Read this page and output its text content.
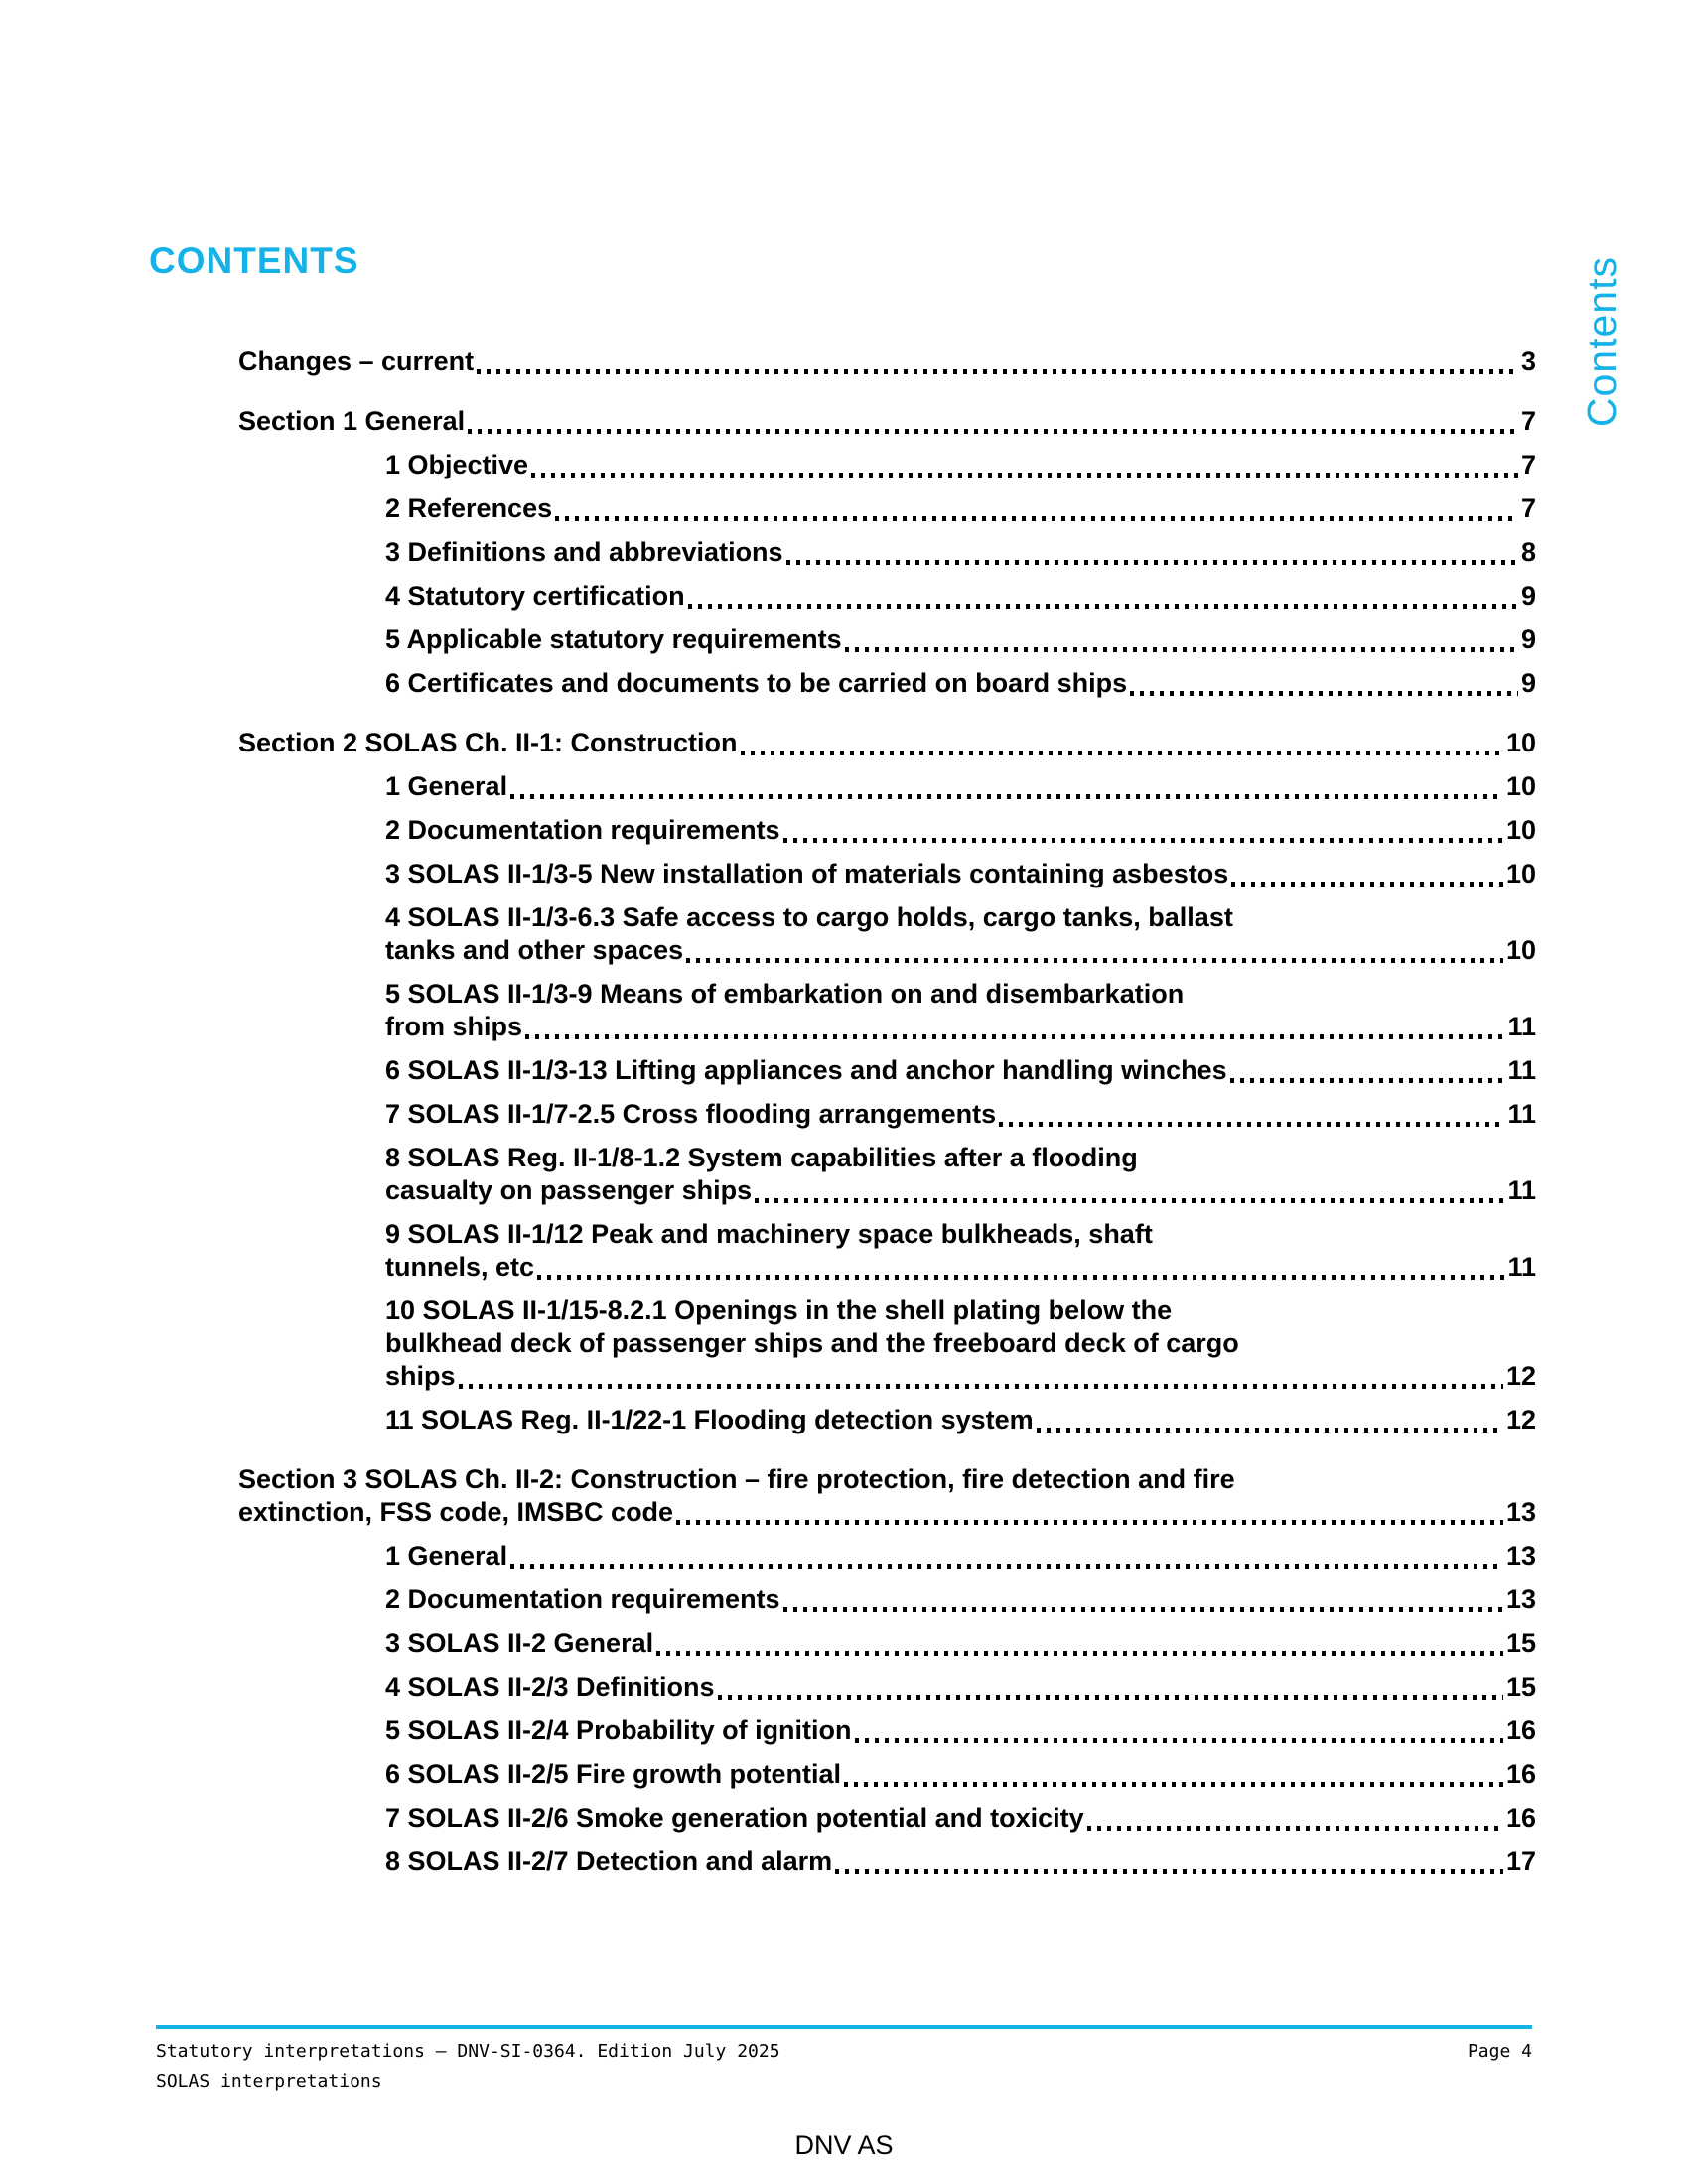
CONTENTS	Contents
Changes – current	3
Section 1 General	7
1 Objective	7
2 References	7
3 Definitions and abbreviations	8
4 Statutory certification	9
5 Applicable statutory requirements	9
6 Certificates and documents to be carried on board ships	9
Section 2 SOLAS Ch. II-1: Construction	10
1 General	10
2 Documentation requirements	10
3 SOLAS II-1/3-5 New installation of materials containing asbestos	10
4 SOLAS II-1/3-6.3 Safe access to cargo holds, cargo tanks, ballast
tanks and other spaces	10
5 SOLAS II-1/3-9 Means of embarkation on and disembarkation
from ships	11
6 SOLAS II-1/3-13 Lifting appliances and anchor handling winches	11
7 SOLAS II-1/7-2.5 Cross flooding arrangements	11
8 SOLAS Reg. II-1/8-1.2 System capabilities after a flooding
casualty on passenger ships	11
9 SOLAS II-1/12 Peak and machinery space bulkheads, shaft
tunnels, etc	11
10 SOLAS II-1/15-8.2.1 Openings in the shell plating below the
bulkhead deck of passenger ships and the freeboard deck of cargo
ships	12
11 SOLAS Reg. II-1/22-1 Flooding detection system	12
Section 3 SOLAS Ch. II-2: Construction – fire protection, fire detection and fire
extinction, FSS code, IMSBC code	13
1 General	13
2 Documentation requirements	13
3 SOLAS II-2 General	15
4 SOLAS II-2/3 Definitions	15
5 SOLAS II-2/4 Probability of ignition	16
6 SOLAS II-2/5 Fire growth potential	16
7 SOLAS II-2/6 Smoke generation potential and toxicity	16
8 SOLAS II-2/7 Detection and alarm	17
Statutory interpretations — DNV-SI-0364. Edition July 2025	Page 4
SOLAS interpretations
DNV AS
